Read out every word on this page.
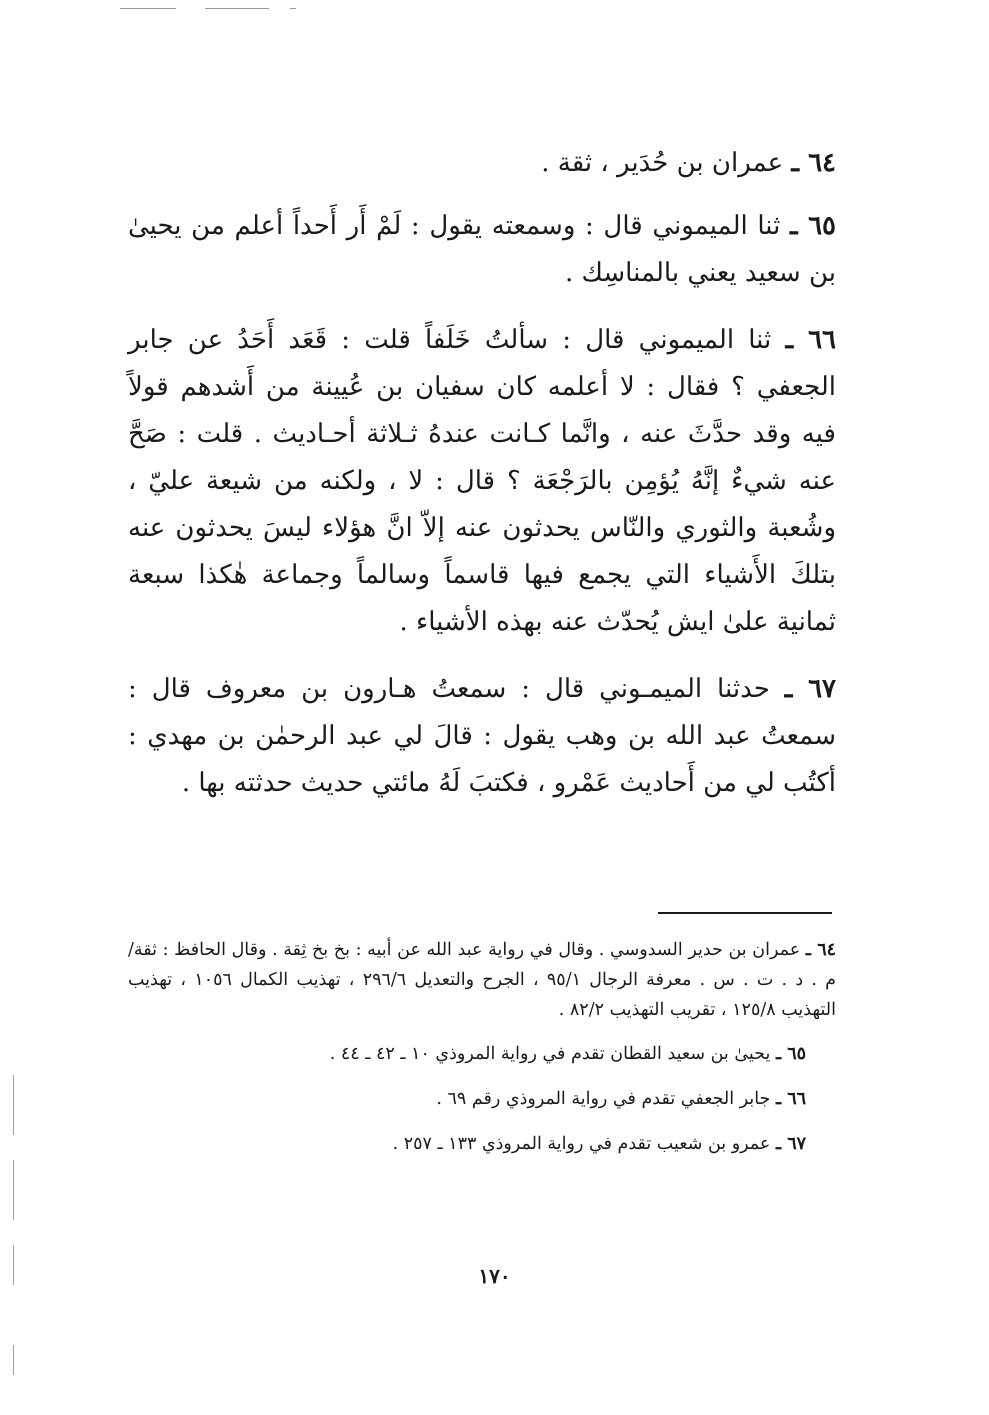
٦٤ ـ عمران بن حُدَير ، ثقة .

٦٥ ـ ثنا الميموني قال : وسمعته يقول : لَمْ أَر أَحداً أعلم من يحيىٰ بن سعيد يعني بالمناسِك .

٦٦ ـ ثنا الميموني قال : سألتُ خَلَفاً قلت : قَعَد أَحَدُ عن جابر الجعفي ؟ فقال : لا أعلمه كان سفيان بن عُيينة من أَشدهم قولاً فيه وقد حدَّثَ عنه ، وانَّما كـانت عندهُ ثـلاثة أحـاديث . قلت : صَحَّ عنه شيءٌ إنَّهُ يُؤمِن بالرَجْعَة ؟ قال : لا ، ولكنه من شيعة عليّ ، وشُعبة والثوري والنّاس يحدثون عنه إلاّ انَّ هؤلاء ليسَ يحدثون عنه بتلكَ الأَشياء التي يجمع فيها قاسماً وسالماً وجماعة هٰكذا سبعة ثمانية علىٰ ايش يُحدّث عنه بهذه الأشياء .

٦٧ ـ حدثنا الميمـوني قال : سمعتُ هـارون بن معروف قال : سمعتُ عبد الله بن وهب يقول : قالَ لي عبد الرحمٰن بن مهدي : أكتُب لي من أَحاديث عَمْرو ، فكتبَ لَهُ مائتي حديث حدثته بها .

٦٤ ـ عمران بن حدير السدوسي . وقال في رواية عبد الله عن أبيه : بخ بخ ثِقة . وقال الحافظ : ثقة/م . د . ت . س . معرفة الرجال ٩٥/١ ، الجرح والتعديل ٢٩٦/٦ ، تهذيب الكمال ١٠٥٦ ، تهذيب التهذيب ١٢٥/٨ ، تقريب التهذيب ٨٢/٢ .

٦٥ ـ يحيىٰ بن سعيد القطان تقدم في رواية المروذي ١٠ ـ ٤٢ ـ ٤٤ .

٦٦ ـ جابر الجعفي تقدم في رواية المروذي رقم ٦٩ .

٦٧ ـ عمرو بن شعيب تقدم في رواية المروذي ١٣٣ ـ ٢٥٧ .

١٧٠
